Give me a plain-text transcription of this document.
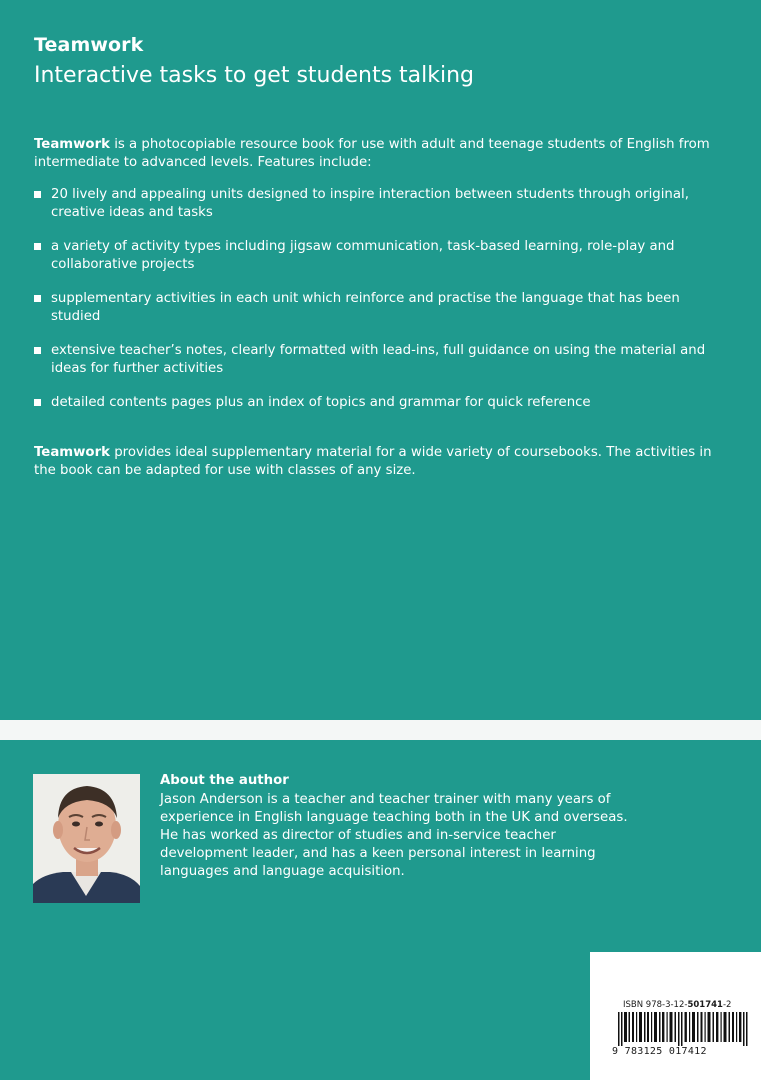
Teamwork
Interactive tasks to get students talking

Teamwork is a photocopiable resource book for use with adult and teenage students of English from intermediate to advanced levels. Features include:

20 lively and appealing units designed to inspire interaction between students through original, creative ideas and tasks
a variety of activity types including jigsaw communication, task-based learning, role-play and collaborative projects
supplementary activities in each unit which reinforce and practise the language that has been studied
extensive teacher’s notes, clearly formatted with lead-ins, full guidance on using the material and ideas for further activities
detailed contents pages plus an index of topics and grammar for quick reference
Teamwork provides ideal supplementary material for a wide variety of coursebooks. The activities in the book can be adapted for use with classes of any size.
About the author
Jason Anderson is a teacher and teacher trainer with many years of experience in English language teaching both in the UK and overseas. He has worked as director of studies and in-service teacher development leader, and has a keen personal interest in learning languages and language acquisition.
ISBN 978-3-12-501741-2
9 783125 017412
